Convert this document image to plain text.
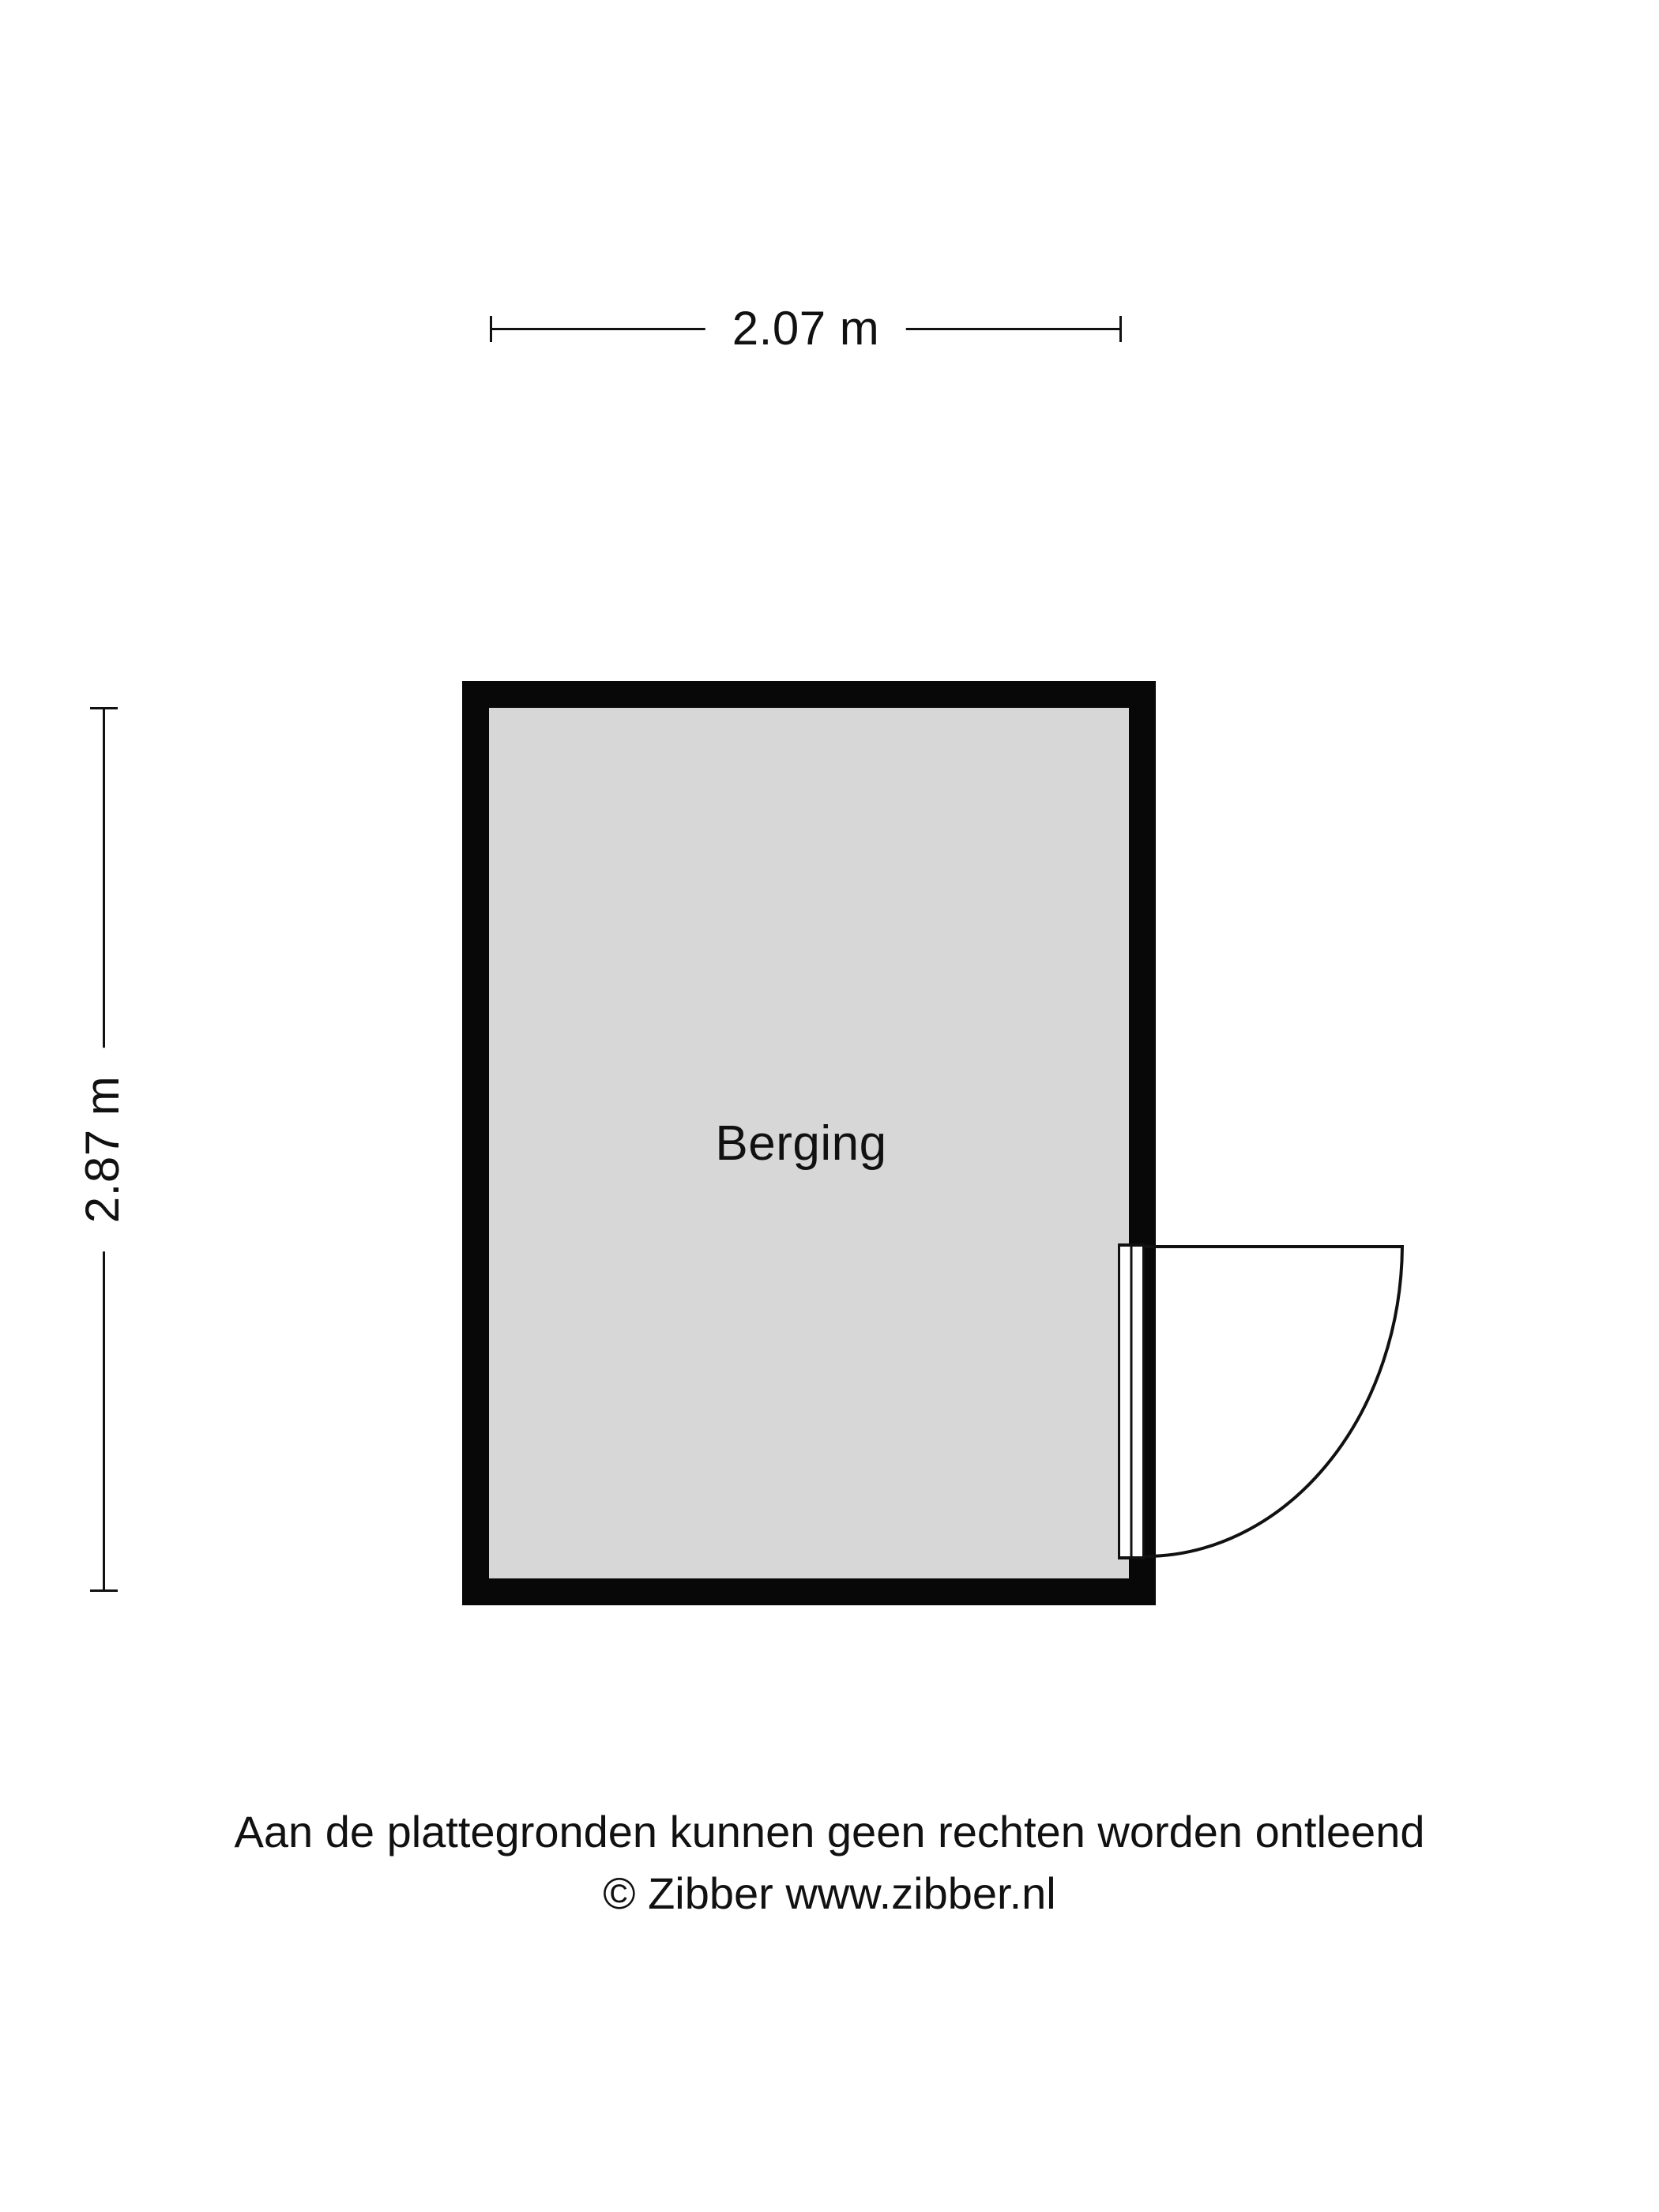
2.07 m
2.87 m	Berging
Aan de plattegronden kunnen geen rechten worden ontleend
© Zibber www.zibber.nl
